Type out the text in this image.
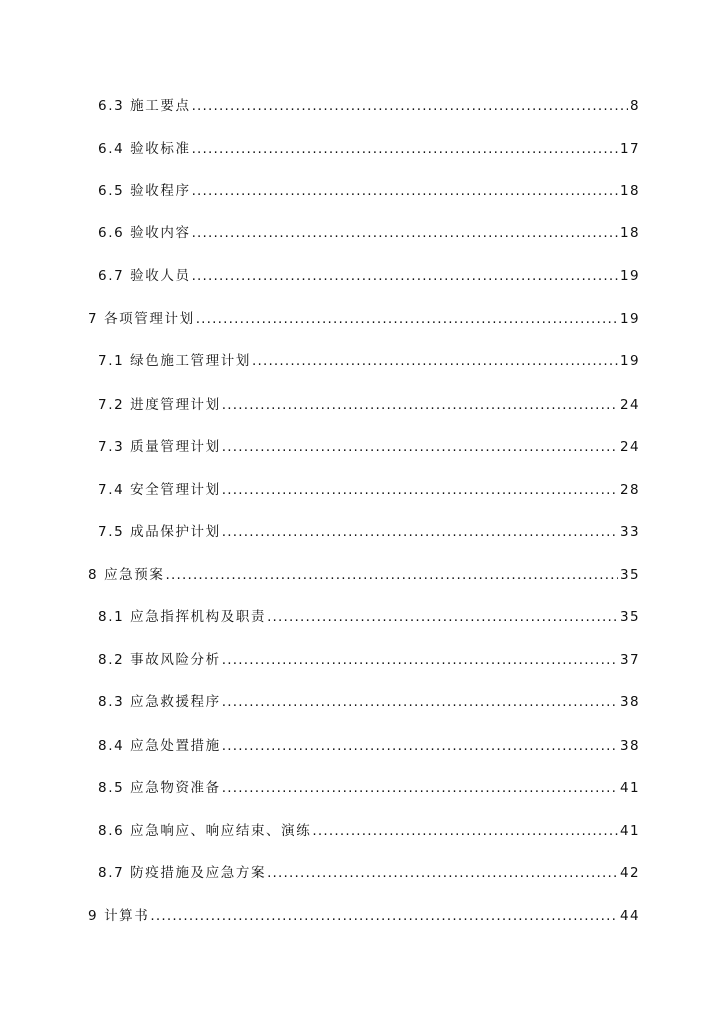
6.3 施工要点 .....	8
6.4 验收标准 .....	17
6.5 验收程序 .....	18
6.6 验收内容 .....	18
6.7 验收人员 .....	19
7 各项管理计划 .....	19
7.1 绿色施工管理计划 .....	19
7.2 进度管理计划 .....	24
7.3 质量管理计划 .....	24
7.4 安全管理计划 .....	28
7.5 成品保护计划 .....	33
8 应急预案 .....	35
8.1 应急指挥机构及职责 .....	35
8.2 事故风险分析 .....	37
8.3 应急救援程序 .....	38
8.4 应急处置措施 .....	38
8.5 应急物资准备 .....	41
8.6 应急响应、响应结束、演练 .....	41
8.7 防疫措施及应急方案 .....	42
9 计算书 .....	44
